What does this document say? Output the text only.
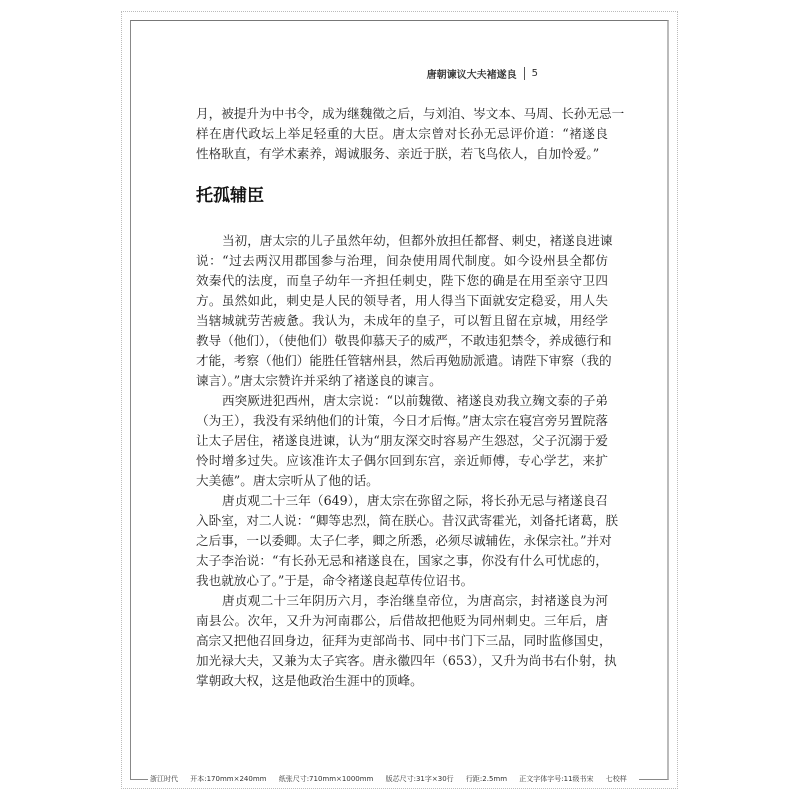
唐朝谏议大夫褚遂良 5
月，被提升为中书令，成为继魏徵之后，与刘洎、岑文本、马周、长孙无忌一
样在唐代政坛上举足轻重的大臣。唐太宗曾对长孙无忌评价道：“褚遂良
性格耿直，有学术素养，竭诚服务、亲近于朕，若飞鸟依人，自加怜爱。”
托孤辅臣
当初，唐太宗的儿子虽然年幼，但都外放担任都督、刺史，褚遂良进谏
说：“过去两汉用郡国参与治理，间杂使用周代制度。如今设州县全都仿
效秦代的法度，而皇子幼年一齐担任刺史，陛下您的确是在用至亲守卫四
方。虽然如此，刺史是人民的领导者，用人得当下面就安定稳妥，用人失
当辖城就劳苦疲惫。我认为，未成年的皇子，可以暂且留在京城，用经学
教导（他们），（使他们）敬畏仰慕天子的威严，不敢违犯禁令，养成德行和
才能，考察（他们）能胜任管辖州县，然后再勉励派遣。请陛下审察（我的
谏言）。”唐太宗赞许并采纳了褚遂良的谏言。
西突厥进犯西州，唐太宗说：“以前魏徵、褚遂良劝我立麹文泰的子弟
（为王），我没有采纳他们的计策，今日才后悔。”唐太宗在寝宫旁另置院落
让太子居住，褚遂良进谏，认为“朋友深交时容易产生怨怼，父子沉溺于爱
怜时增多过失。应该准许太子偶尔回到东宫，亲近师傅，专心学艺，来扩
大美德”。唐太宗听从了他的话。
唐贞观二十三年（649），唐太宗在弥留之际，将长孙无忌与褚遂良召
入卧室，对二人说：“卿等忠烈，简在朕心。昔汉武寄霍光，刘备托诸葛，朕
之后事，一以委卿。太子仁孝，卿之所悉，必须尽诚辅佐，永保宗社。”并对
太子李治说：“有长孙无忌和褚遂良在，国家之事，你没有什么可忧虑的，
我也就放心了。”于是，命令褚遂良起草传位诏书。
唐贞观二十三年阴历六月，李治继皇帝位，为唐高宗，封褚遂良为河
南县公。次年，又升为河南郡公，后借故把他贬为同州刺史。三年后，唐
高宗又把他召回身边，征拜为吏部尚书、同中书门下三品，同时监修国史，
加光禄大夫，又兼为太子宾客。唐永徽四年（653），又升为尚书右仆射，执
掌朝政大权，这是他政治生涯中的顶峰。
浙江时代 开本:170mm×240mm 纸张尺寸:710mm×1000mm 版芯尺寸:31字×30行 行距:2.5mm 正文字体字号:11级书宋 七校样
